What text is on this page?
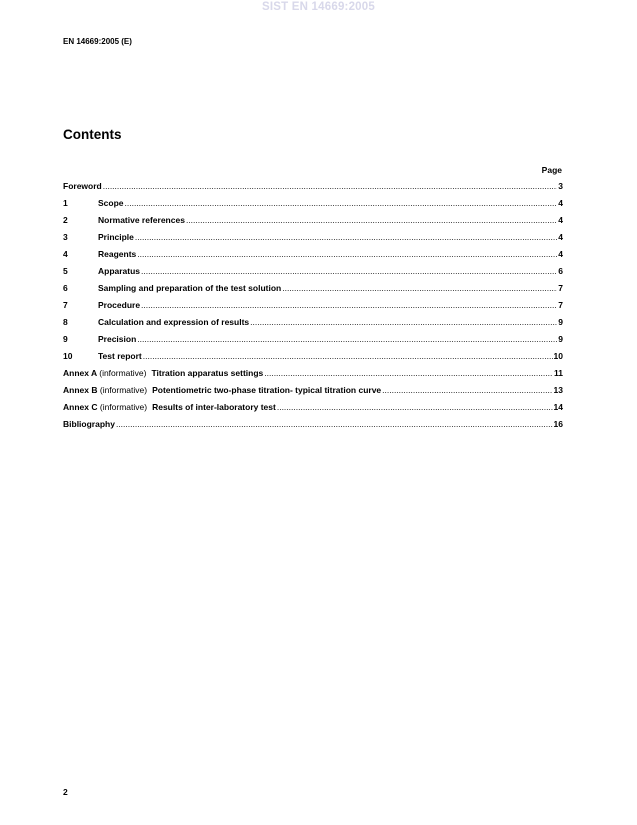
SIST EN 14669:2005
EN 14669:2005 (E)
Contents
Page
Foreword .....	3
1	Scope .....	4
2	Normative references .....	4
3	Principle .....	4
4	Reagents .....	4
5	Apparatus .....	6
6	Sampling and preparation of the test solution .....	7
7	Procedure .....	7
8	Calculation and expression of results .....	9
9	Precision .....	9
10	Test report .....	10
Annex A (informative) Titration apparatus settings .....	11
Annex B (informative) Potentiometric two-phase titration- typical titration curve .....	13
Annex C (informative) Results of inter-laboratory test .....	14
Bibliography .....	16
2
